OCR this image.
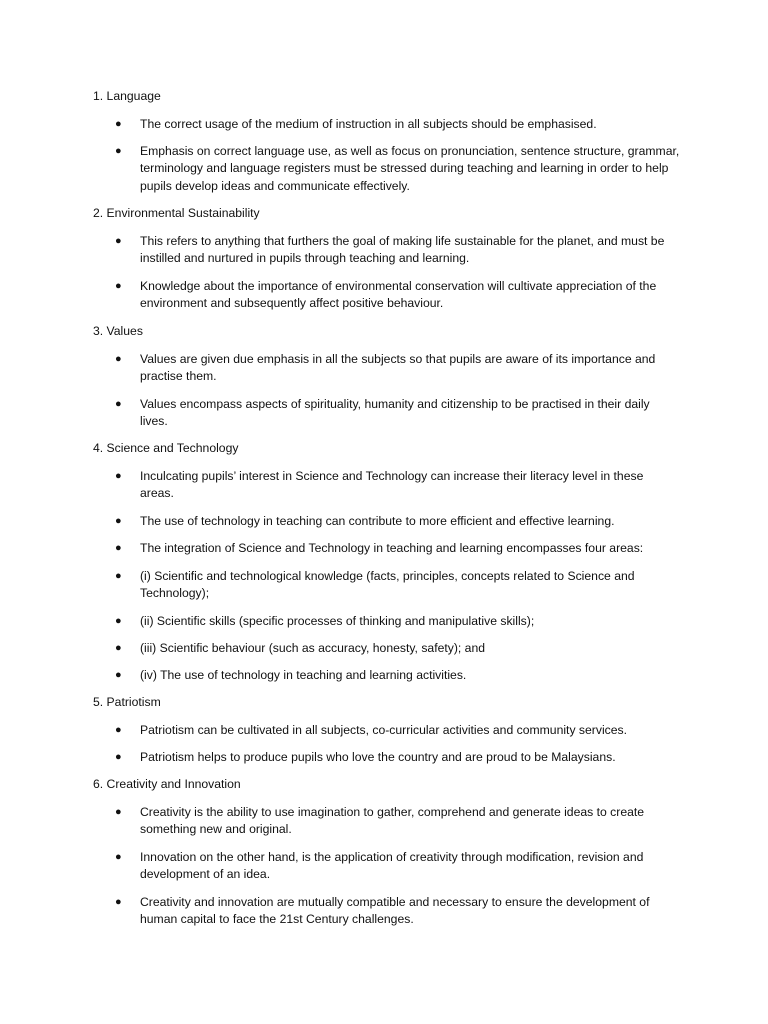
1. Language
● The correct usage of the medium of instruction in all subjects should be emphasised.
● Emphasis on correct language use, as well as focus on pronunciation, sentence structure, grammar, terminology and language registers must be stressed during teaching and learning in order to help pupils develop ideas and communicate effectively.
2. Environmental Sustainability
● This refers to anything that furthers the goal of making life sustainable for the planet, and must be instilled and nurtured in pupils through teaching and learning.
● Knowledge about the importance of environmental conservation will cultivate appreciation of the environment and subsequently affect positive behaviour.
3. Values
● Values are given due emphasis in all the subjects so that pupils are aware of its importance and practise them.
● Values encompass aspects of spirituality, humanity and citizenship to be practised in their daily lives.
4. Science and Technology
● Inculcating pupils’ interest in Science and Technology can increase their literacy level in these areas.
● The use of technology in teaching can contribute to more efficient and effective learning.
● The integration of Science and Technology in teaching and learning encompasses four areas:
● (i) Scientific and technological knowledge (facts, principles, concepts related to Science and Technology);
● (ii) Scientific skills (specific processes of thinking and manipulative skills);
● (iii) Scientific behaviour (such as accuracy, honesty, safety); and
● (iv) The use of technology in teaching and learning activities.
5. Patriotism
● Patriotism can be cultivated in all subjects, co-curricular activities and community services.
● Patriotism helps to produce pupils who love the country and are proud to be Malaysians.
6. Creativity and Innovation
● Creativity is the ability to use imagination to gather, comprehend and generate ideas to create something new and original.
● Innovation on the other hand, is the application of creativity through modification, revision and development of an idea.
● Creativity and innovation are mutually compatible and necessary to ensure the development of human capital to face the 21st Century challenges.
